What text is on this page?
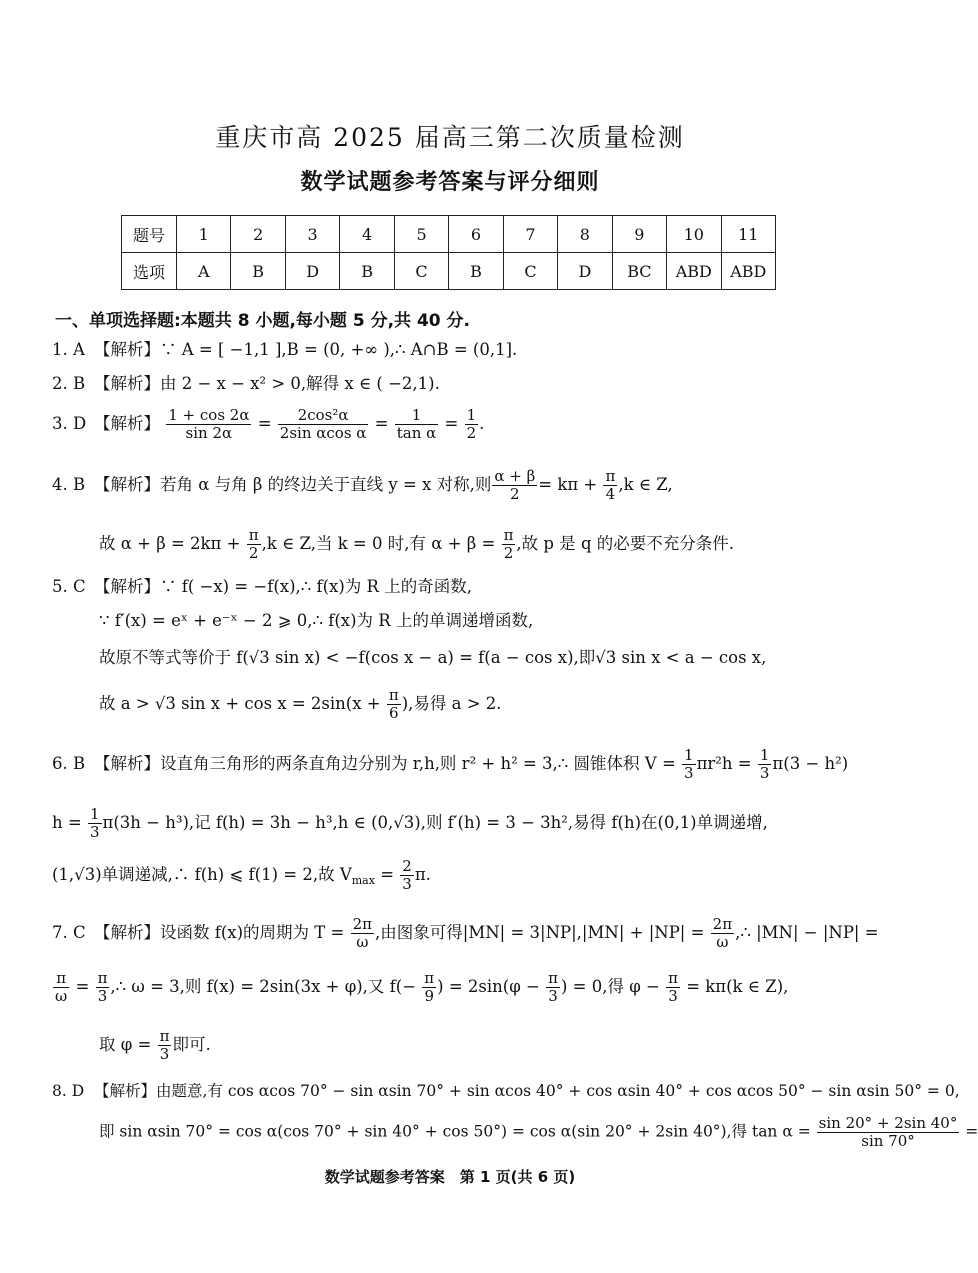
重庆市高 2025 届高三第二次质量检测
数学试题参考答案与评分细则
题号	1	2	3	4	5	6	7	8	9	10	11
选项	A	B	D	B	C	B	C	D	BC	ABD	ABD
一、单项选择题:本题共 8 小题,每小题 5 分,共 40 分.
1. A 【解析】∵ A = [ −1,1 ],B = (0, +∞ ),∴ A∩B = (0,1].
2. B 【解析】由 2 − x − x² > 0,解得 x ∈ ( −2,1).
3. D 【解析】 $\frac{1 + \cos 2\alpha}{\sin 2\alpha} = \frac{\text{2cos²α}}{\text{2sin αcos α}} = \frac{1}{\text{tan α}} = \frac{1}{2}$ .
4. B 【解析】若角 α 与角 β 的终边关于直线 y = x 对称,则 $\frac{\alpha + \beta}{2} = k\pi + \frac{\pi}{4} ,k$ ∈ Z,
故 $\alpha + \beta = 2k\pi + \frac{\pi}{2} ,k$ ∈ Z,当 k = 0 时,有 $\alpha + \beta = \frac{\pi}{2}$ ,故 p 是 q 的必要不充分条件.
5. C 【解析】∵ f( −x) = −f(x),∴ f(x)为 R 上的奇函数,
∵ f′(x) = eˣ + e⁻ˣ − 2 ⩾ 0,∴ f(x)为 R 上的单调递增函数,
故原不等式等价于 f(√3 sin x) < −f(cos x − a) = f(a − cos x),即√3 sin x < a − cos x,
故 a > √3 $\sin x + \cos x = 2\sin(x + \frac{\pi}{6}$ ),易得 a > 2.
6. B 【解析】设直角三角形的两条直角边分别为 r,h,则 r² + h² = 3,∴ 圆锥体积 $V = \frac{1}{3} \pi r^2h = \frac{1}{3} \pi(3 - h^2)$
$h = \frac{1}{3} \pi(3h - h^3)$,记 f(h) = 3h − h³,h ∈ (0,√3),则 f′(h) = 3 − 3h²,易得 f(h)在(0,1)单调递增,
(1,√3)单调递减,∴ f(h) ⩽ f(1) = 2,故 $V_{max} = \frac{2}{3} \pi$.
7. C 【解析】设函数 f(x)的周期为 $T = \frac{2\pi}{\omega}$ ,由图象可得$|MN| = 3|NP|,|MN| + |NP| = \frac{2\pi}{\omega}$ ,∴ |MN| − |NP| =
$\frac{\pi}{\omega} = \frac{\pi}{3}$ ,∴ ω = 3,则 f(x) = 2sin(3x + φ),又 $f(- \frac{\pi}{9}$ ) = $2\sin(\varphi - \frac{\pi}{3}$ ) = 0,得 $\varphi - \frac{\pi}{3} = k\pi(k$ ∈ Z),
取 $\varphi = \frac{\pi}{3}$ 即可.
8. D 【解析】由题意,有 cos αcos 70° − sin αsin 70° + sin αcos 40° + cos αsin 40° + cos αcos 50° − sin αsin 50° = 0,
即 sin αsin 70° = cos α(cos 70° + sin 40° + cos 50°) = cos α(sin 20° + 2sin 40°),得 $\tan \alpha = \frac{\sin 20^\circ + 2\sin 40^\circ}{\sin 70^\circ}$ =
数学试题参考答案　第 1 页(共 6 页)
